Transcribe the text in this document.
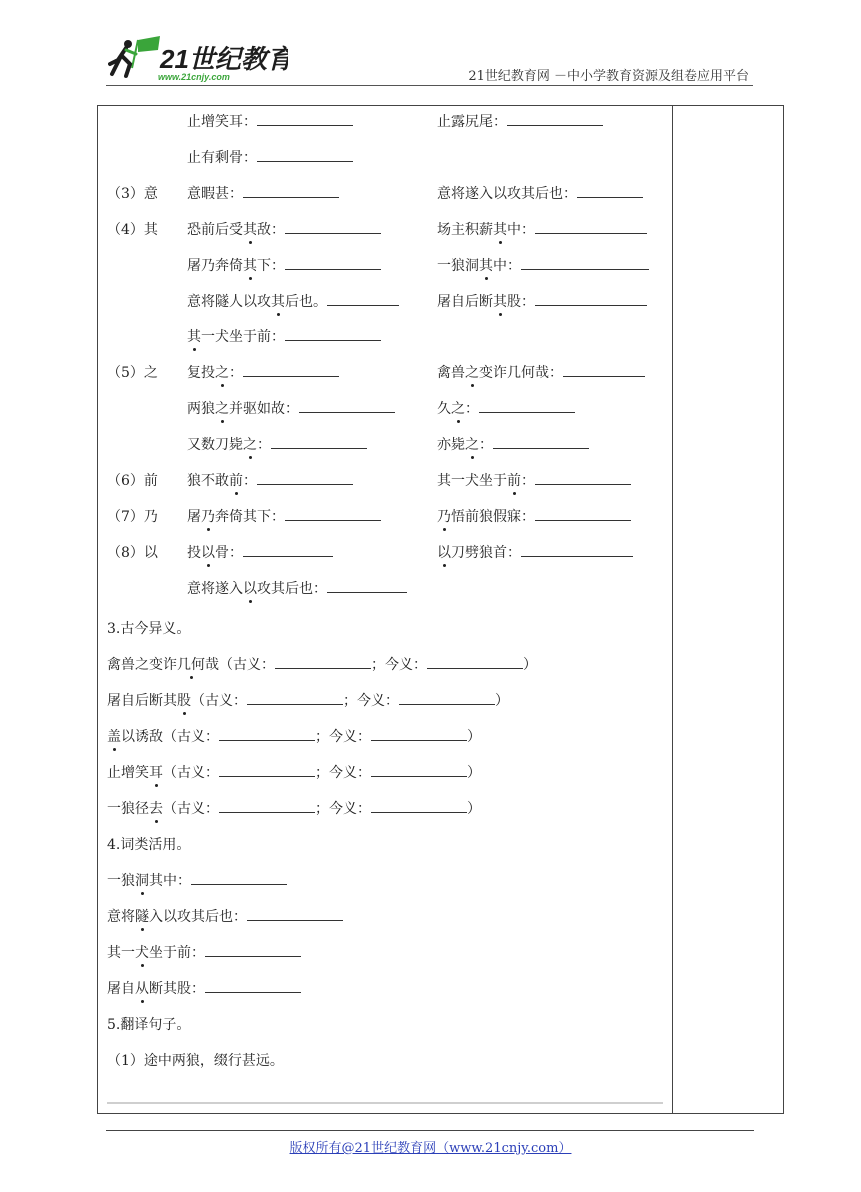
21世纪教育
www.21cnjy.com	21世纪教育网 －中小学教育资源及组卷应用平台
止增笑耳：	止露尻尾：
止有剩骨：
（3）意 意暇甚：	意将遂入以攻其后也：
（4）其 恐前后受其敌：	场主积薪其中：
屠乃奔倚其下：	一狼洞其中：
意将隧人以攻其后也。	屠自后断其股：
其一犬坐于前：
（5）之 复投之：	禽兽之变诈几何哉：
两狼之并驱如故：	久之：
又数刀毙之：	亦毙之：
（6）前 狼不敢前：	其一犬坐于前：
（7）乃 屠乃奔倚其下：	乃悟前狼假寐：
（8）以 投以骨：	以刀劈狼首：
意将遂入以攻其后也：
3.古今异义。
禽兽之变诈几何哉（古义：	；今义：	）
屠自后断其股（古义：	；今义：	）
盖以诱敌（古义：	；今义：	）
止增笑耳（古义：	；今义：	）
一狼径去（古义：	；今义：	）
4.词类活用。
一狼洞其中：
意将隧入以攻其后也：
其一犬坐于前：
屠自从断其股：
5.翻译句子。
（1）途中两狼，缀行甚远。
版权所有@21世纪教育网（www.21cnjy.com）
